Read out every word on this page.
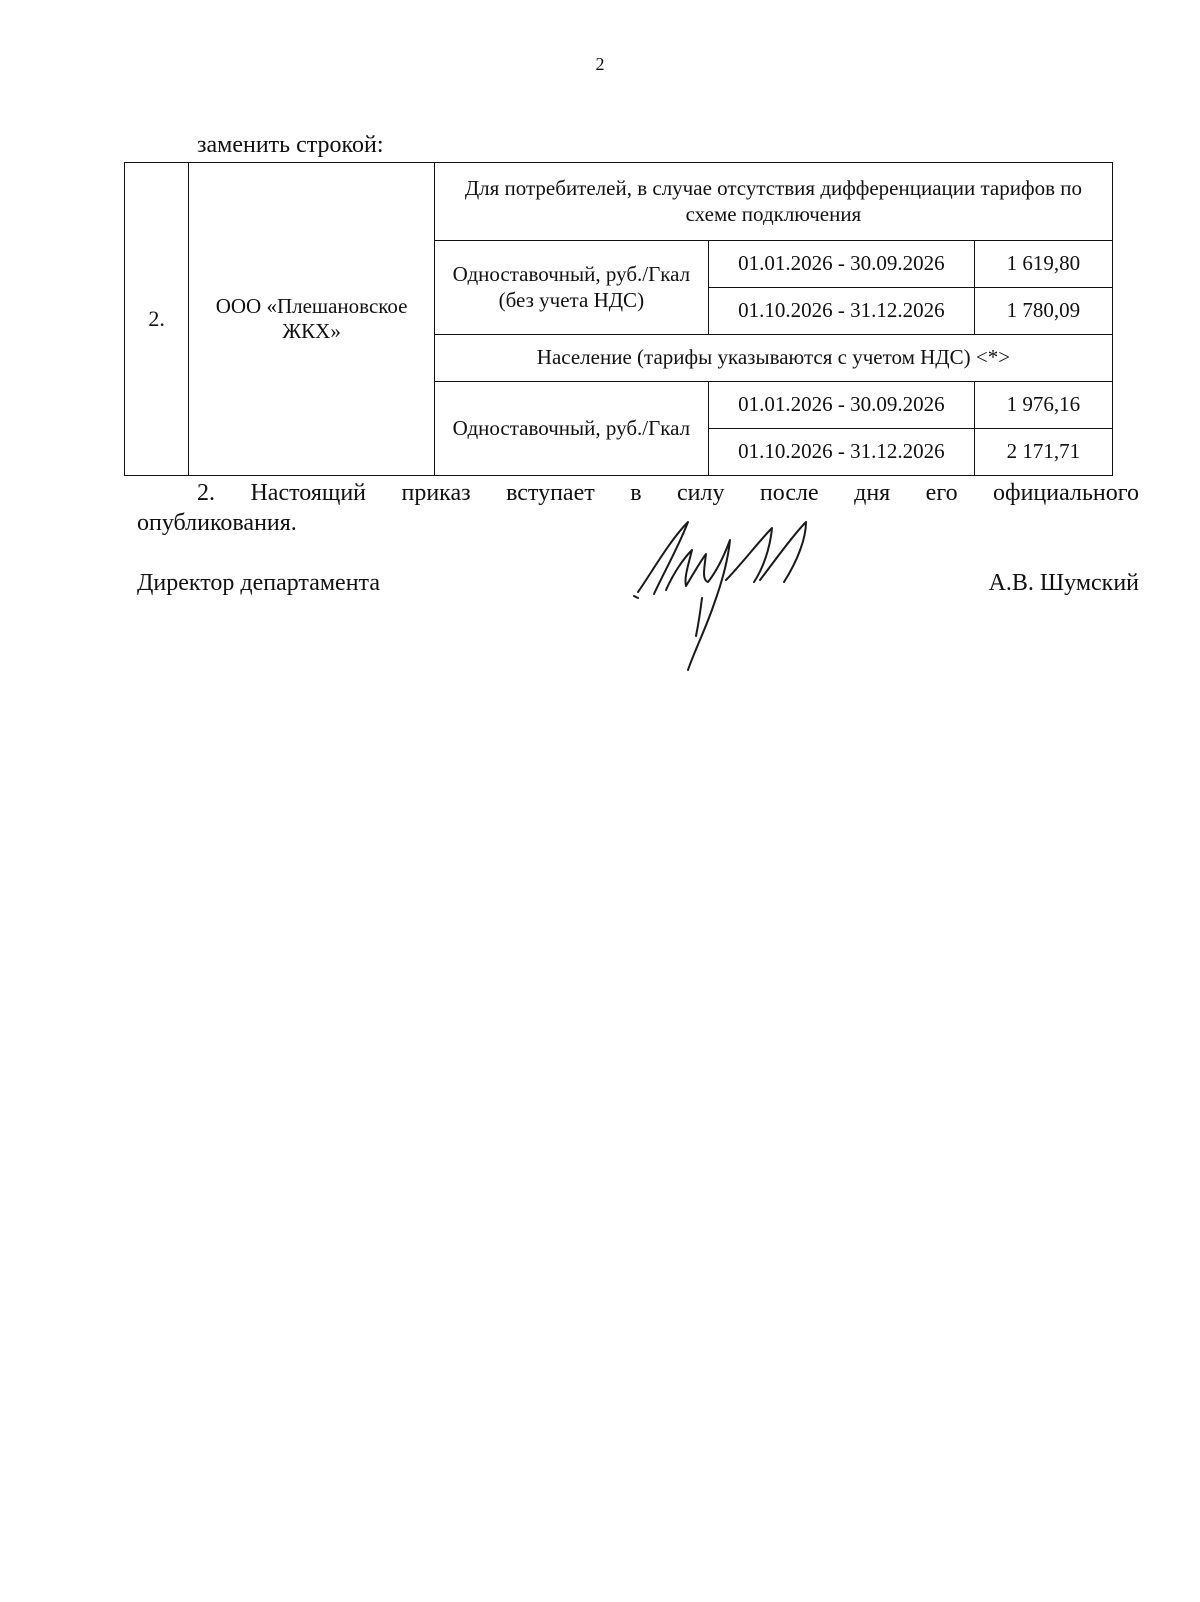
2
заменить строкой:
2.	ООО «Плешановское ЖКХ»	Для потребителей, в случае отсутствия дифференциации тарифов по схеме подключения		
		Одноставочный, руб./Гкал (без учета НДС)	01.01.2026 - 30.09.2026	1 619,80
			01.10.2026 - 31.12.2026	1 780,09
		Население (тарифы указываются с учетом НДС) <*>		
		Одноставочный, руб./Гкал	01.01.2026 - 30.09.2026	1 976,16
			01.10.2026 - 31.12.2026	2 171,71
2. Настоящий приказ вступает в силу после дня его официального
опубликования.
Директор департамента	А.В. Шумский
